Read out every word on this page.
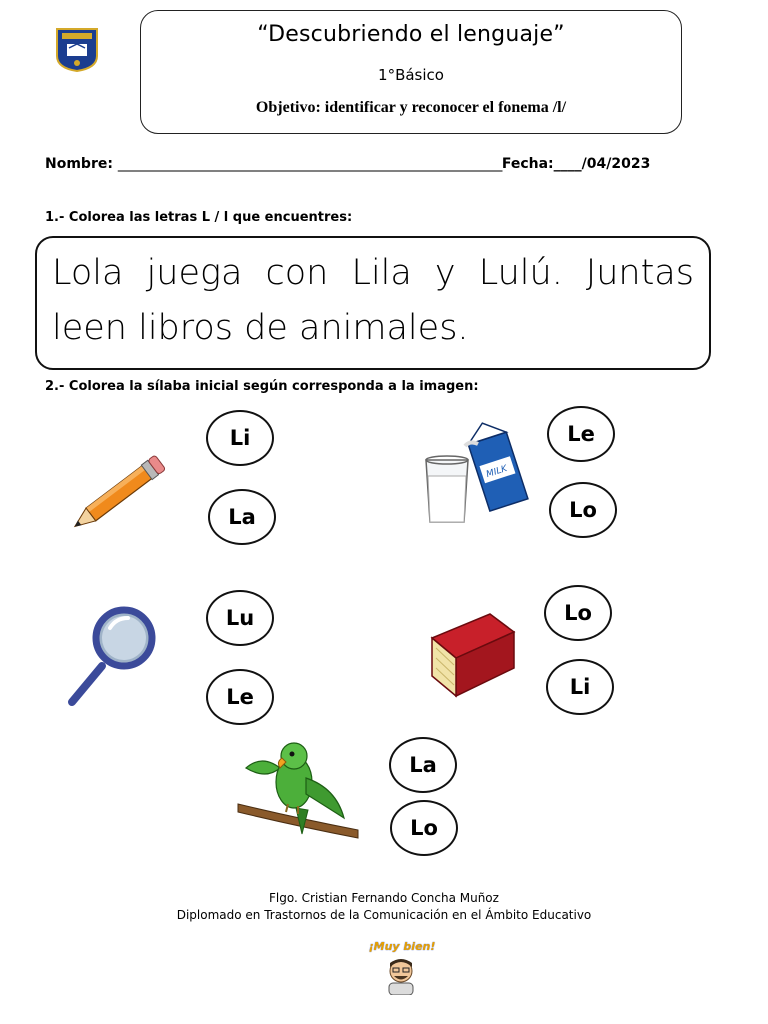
“Descubriendo el lenguaje”
1°Básico
Objetivo: identificar y reconocer el fonema /l/
Nombre: ____________________________________________________________Fecha:____/04/2023
1.- Colorea las letras L / l que encuentres:
Lola juega con Lila y Lulú. Juntas leen libros de animales.
2.- Colorea la sílaba inicial según corresponda a la imagen:
Li
La
MILK
Le
Lo
Lu
Le
Lo
Li
La
Lo
Flgo. Cristian Fernando Concha Muñoz
Diplomado en Trastornos de la Comunicación en el Ámbito Educativo
¡Muy bien!
